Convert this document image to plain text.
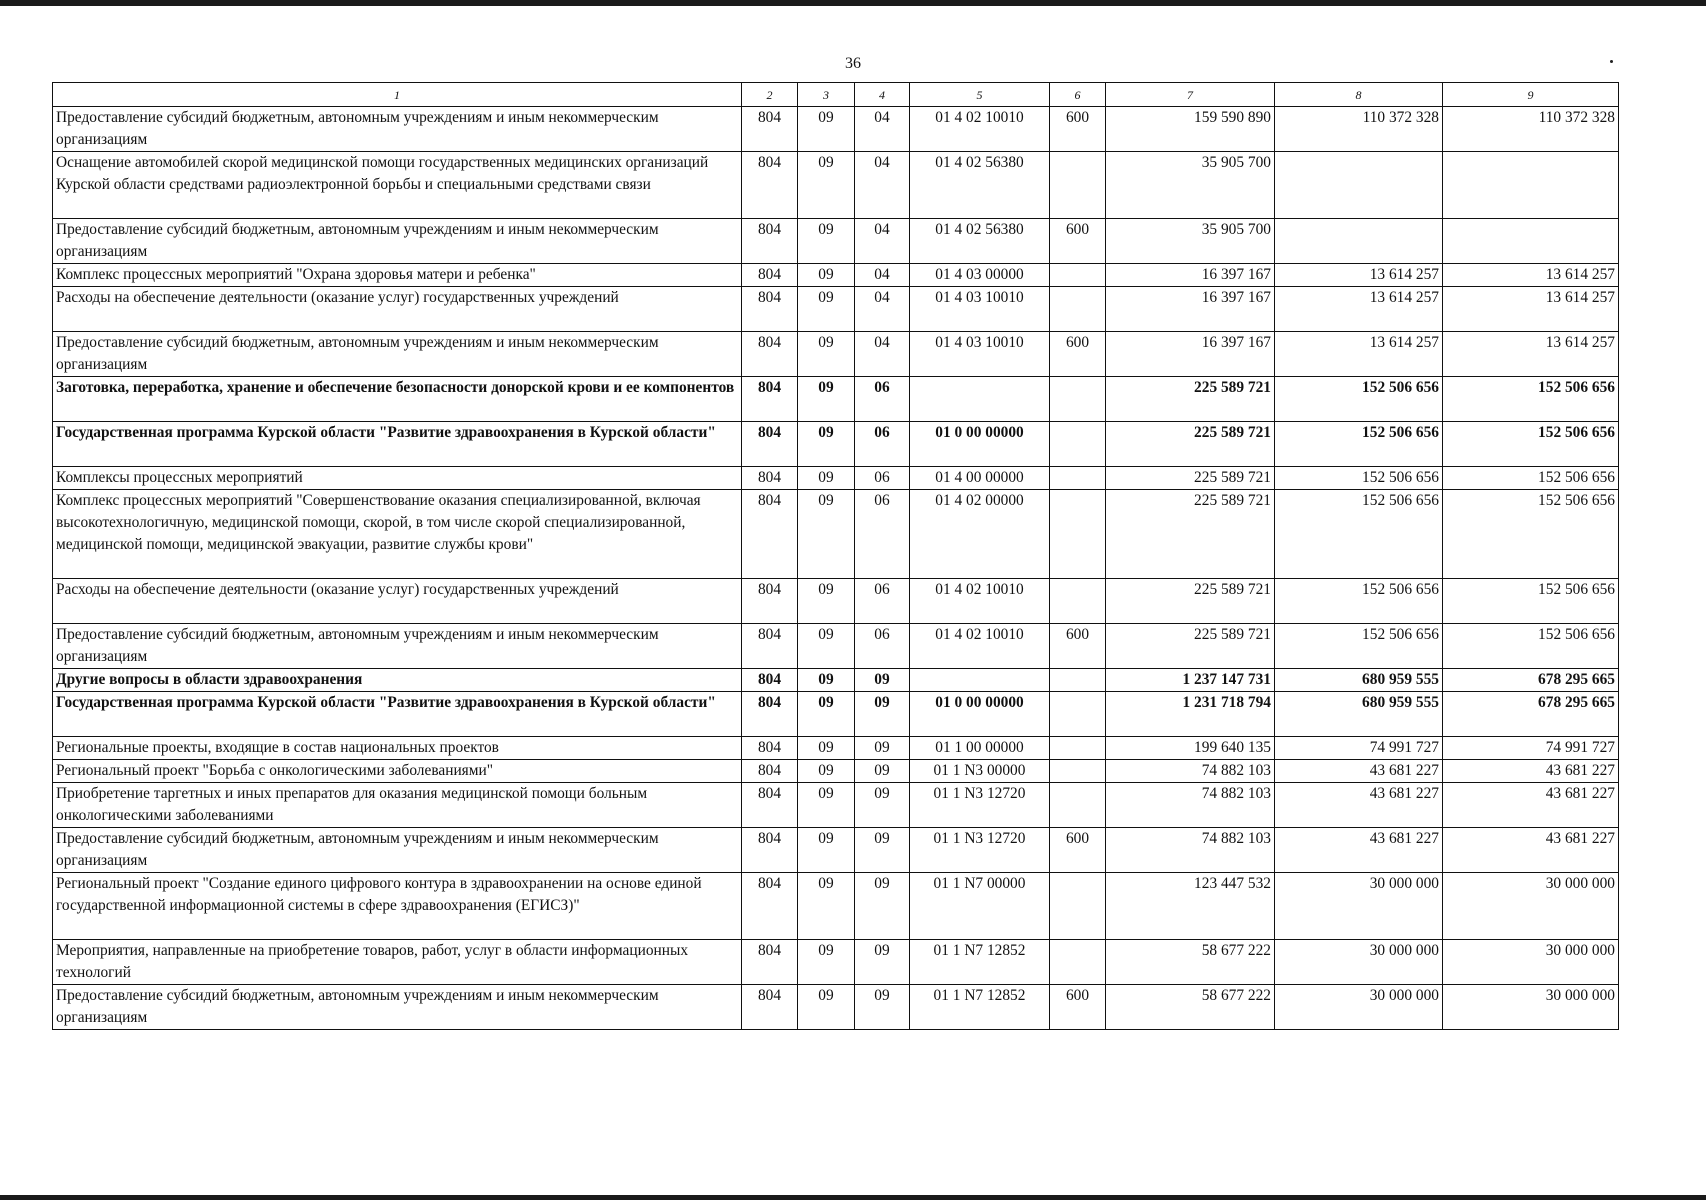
36
1	2	3	4	5	6	7	8	9
Предоставление субсидий бюджетным, автономным учреждениям и иным некоммерческим организациям	804	09	04	01 4 02 10010	600	159 590 890	110 372 328	110 372 328
Оснащение автомобилей скорой медицинской помощи государственных медицинских организаций Курской области средствами радиоэлектронной борьбы и специальными средствами связи	804	09	04	01 4 02 56380		35 905 700		
Предоставление субсидий бюджетным, автономным учреждениям и иным некоммерческим организациям	804	09	04	01 4 02 56380	600	35 905 700		
Комплекс процессных мероприятий "Охрана здоровья матери и ребенка"	804	09	04	01 4 03 00000		16 397 167	13 614 257	13 614 257
Расходы на обеспечение деятельности (оказание услуг) государственных учреждений	804	09	04	01 4 03 10010		16 397 167	13 614 257	13 614 257
Предоставление субсидий бюджетным, автономным учреждениям и иным некоммерческим организациям	804	09	04	01 4 03 10010	600	16 397 167	13 614 257	13 614 257
Заготовка, переработка, хранение и обеспечение безопасности донорской крови и ее компонентов	804	09	06			225 589 721	152 506 656	152 506 656
Государственная программа Курской области "Развитие здравоохранения в Курской области"	804	09	06	01 0 00 00000		225 589 721	152 506 656	152 506 656
Комплексы процессных мероприятий	804	09	06	01 4 00 00000		225 589 721	152 506 656	152 506 656
Комплекс процессных мероприятий "Совершенствование оказания специализированной, включая высокотехнологичную, медицинской помощи, скорой, в том числе скорой специализированной, медицинской помощи, медицинской эвакуации, развитие службы крови"	804	09	06	01 4 02 00000		225 589 721	152 506 656	152 506 656
Расходы на обеспечение деятельности (оказание услуг) государственных учреждений	804	09	06	01 4 02 10010		225 589 721	152 506 656	152 506 656
Предоставление субсидий бюджетным, автономным учреждениям и иным некоммерческим организациям	804	09	06	01 4 02 10010	600	225 589 721	152 506 656	152 506 656
Другие вопросы в области здравоохранения	804	09	09			1 237 147 731	680 959 555	678 295 665
Государственная программа Курской области "Развитие здравоохранения в Курской области"	804	09	09	01 0 00 00000		1 231 718 794	680 959 555	678 295 665
Региональные проекты, входящие в состав национальных проектов	804	09	09	01 1 00 00000		199 640 135	74 991 727	74 991 727
Региональный проект "Борьба с онкологическими заболеваниями"	804	09	09	01 1 N3 00000		74 882 103	43 681 227	43 681 227
Приобретение таргетных и иных препаратов для оказания медицинской помощи больным онкологическими заболеваниями	804	09	09	01 1 N3 12720		74 882 103	43 681 227	43 681 227
Предоставление субсидий бюджетным, автономным учреждениям и иным некоммерческим организациям	804	09	09	01 1 N3 12720	600	74 882 103	43 681 227	43 681 227
Региональный проект "Создание единого цифрового контура в здравоохранении на основе единой государственной информационной системы в сфере здравоохранения (ЕГИСЗ)"	804	09	09	01 1 N7 00000		123 447 532	30 000 000	30 000 000
Мероприятия, направленные на приобретение товаров, работ, услуг в области информационных технологий	804	09	09	01 1 N7 12852		58 677 222	30 000 000	30 000 000
Предоставление субсидий бюджетным, автономным учреждениям и иным некоммерческим организациям	804	09	09	01 1 N7 12852	600	58 677 222	30 000 000	30 000 000
